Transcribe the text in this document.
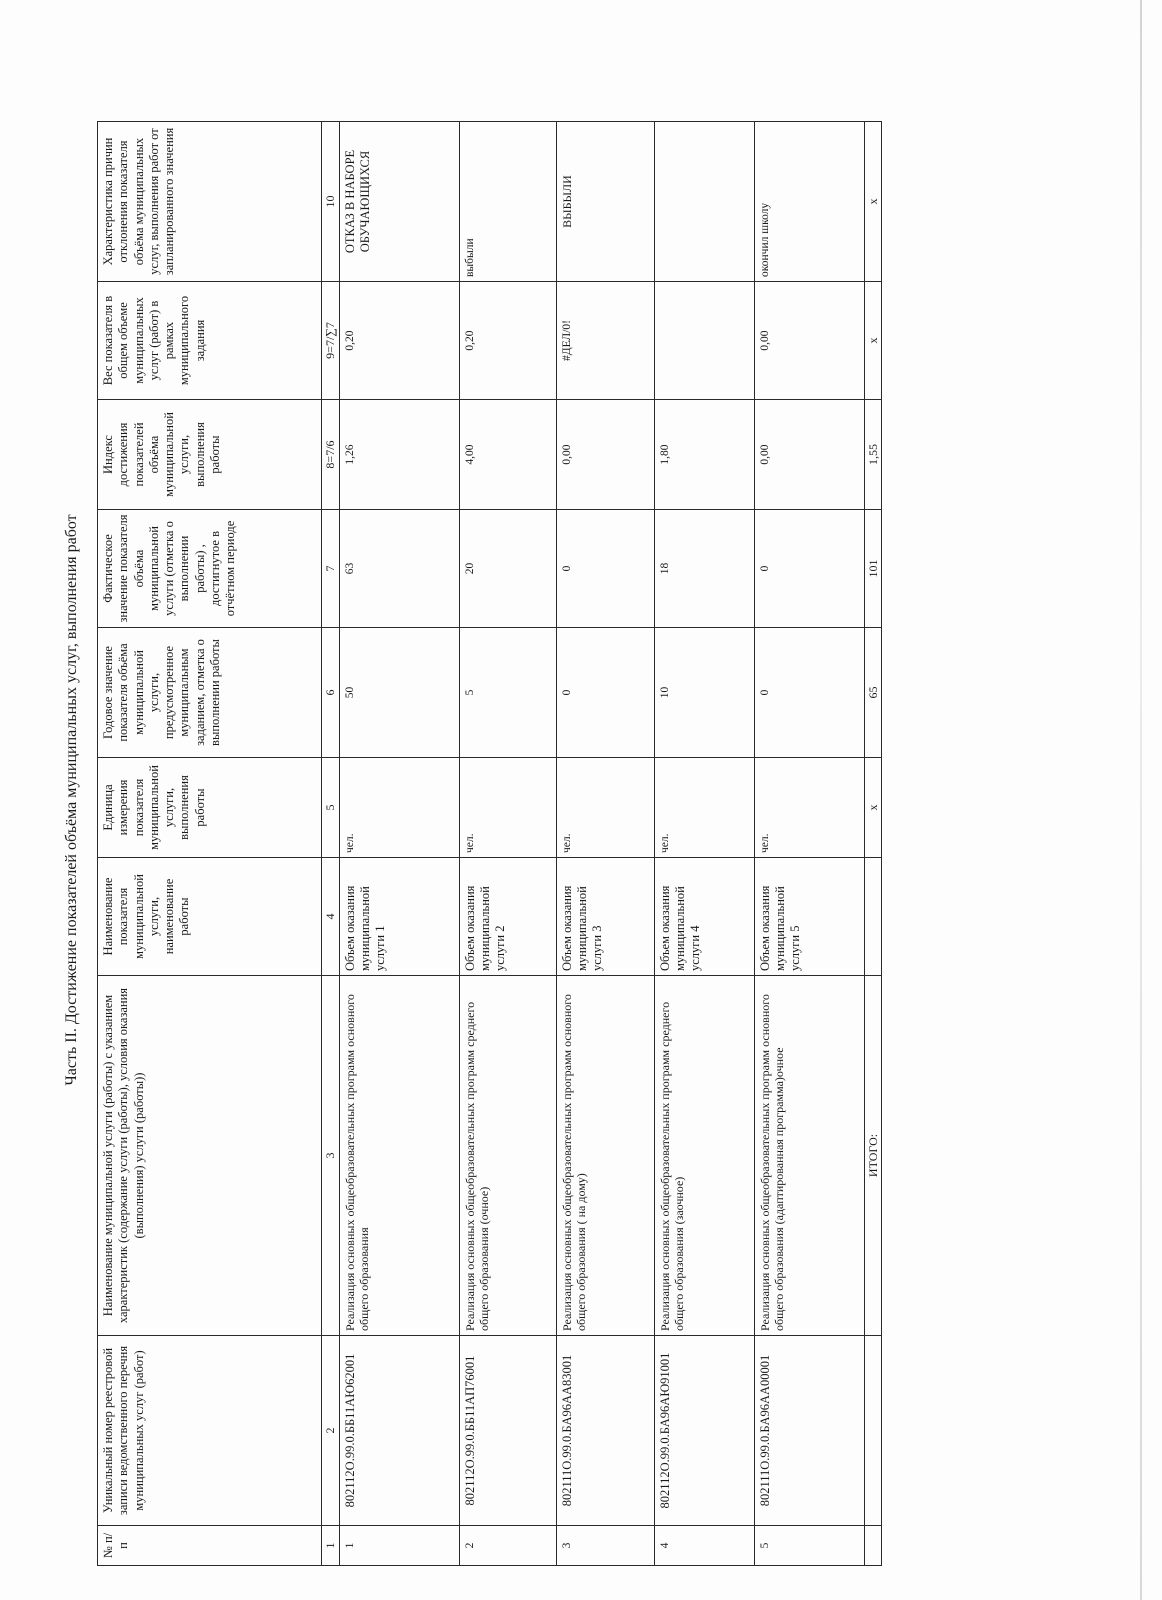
Часть II. Достижение показателей объёма муниципальных услуг, выполнения работ
№ п/п	Уникальный номер реестровой записи ведомственного перечня муниципальных услуг (работ)	Наименование муниципальной услуги (работы) с указанием характеристик (содержание услуги (работы), условия оказания (выполнения) услуги (работы))	Наименование показателя муниципальной услуги, наименование работы	Единица измерения показателя муниципальной услуги, выполнения работы	Годовое значение показателя объёма муниципальной услуги, предусмотренное муниципальным заданием, отметка о выполнении работы	Фактическое значение показателя объёма муниципальной услуги (отметка о выполнении работы) , достигнутое в отчётном периоде	Индекс достижения показателей объёма муниципальной услуги, выполнения работы	Вес показателя в общем объеме муниципальных услуг (работ) в рамках муниципального задания	Характеристика причин отклонения показателя объёма муниципальных услуг, выполнения работ от запланированного значения	
1	2	3	4	5	6	7	8=7/6	9=7/∑7	10	
1	802112О.99.0.ББ11АЮ62001	Реализация основных общеобразовательных программ основного общего образования	Объем оказания муниципальной услуги 1	чел.	50	63	1,26	0,20	ОТКАЗ В НАБОРЕ ОБУЧАЮЩИХСЯ	
2	802112О.99.0.ББ11АП76001	Реализация основных общеобразовательных программ среднего общего образования (очное)	Объем оказания муниципальной услуги 2	чел.	5	20	4,00	0,20	выбыли	
3	802111О.99.0.БА96АА83001	Реализация основных общеобразовательных программ основного общего образования ( на дому)	Объем оказания муниципальной услуги 3	чел.	0	0	0,00	#ДЕЛ/0!	ВЫБЫЛИ	
4	802112О.99.0.БА96АЮ91001	Реализация основных общеобразовательных программ среднего общего образования (заочное)	Объем оказания муниципальной услуги 4	чел.	10	18	1,80			
5	802111О.99.0.БА96АА00001	Реализация основных общеобразовательных программ основного общего образования (адаптированная программа)очное	Объем оказания муниципальной услуги 5	чел.	0	0	0,00	0,00	окончил школу	
		ИТОГО:		х	65	101	1,55	х	х	
